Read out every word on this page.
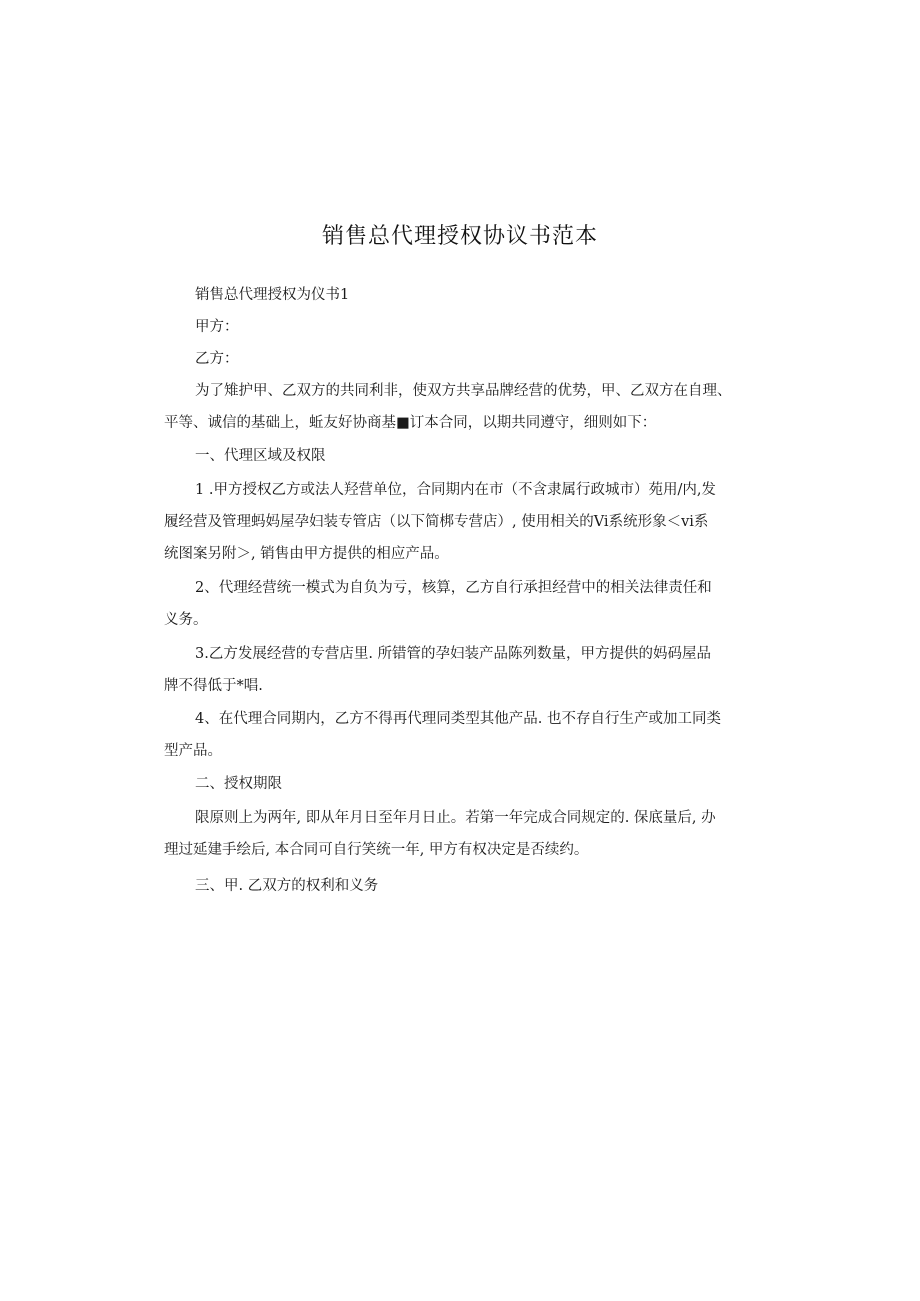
销售总代理授权协议书范本

销售总代理授权为仪书1

甲方：

乙方：

为了雉护甲、乙双方的共同利非，使双方共享品牌经营的优势，甲、乙双方在自理、

平等、诚信的基础上，蚯友好协商基■订本合同，以期共同遵守，细则如下：

一、代理区域及权限

1 .甲方授权乙方或法人羟营单位，合同期内在市（不含隶属行政城市）苑用/内,发

履经营及管理蚂妈屋孕妇装专管店（以下简梆专营店）, 使用相关的Vi系统形象＜vi系

统图案另附＞, 销售由甲方提供的相应产品。

2、代理经营统一模式为自负为亏，核算，乙方自行承担经营中的相关法律责任和

义务。

3.乙方发展经营的专营店里. 所错管的孕妇装产品陈列数量，甲方提供的妈码屋品

牌不得低于*唱.

4、在代理合同期内，乙方不得再代理同类型其他产品. 也不存自行生产或加工同类

型产品。

二、授权期限

限原则上为两年, 即从年月日至年月日止。若第一年完成合同规定的. 保底量后, 办

理过延建手绘后, 本合同可自行笑统一年, 甲方有权决定是否续约。

三、甲. 乙双方的权利和义务
